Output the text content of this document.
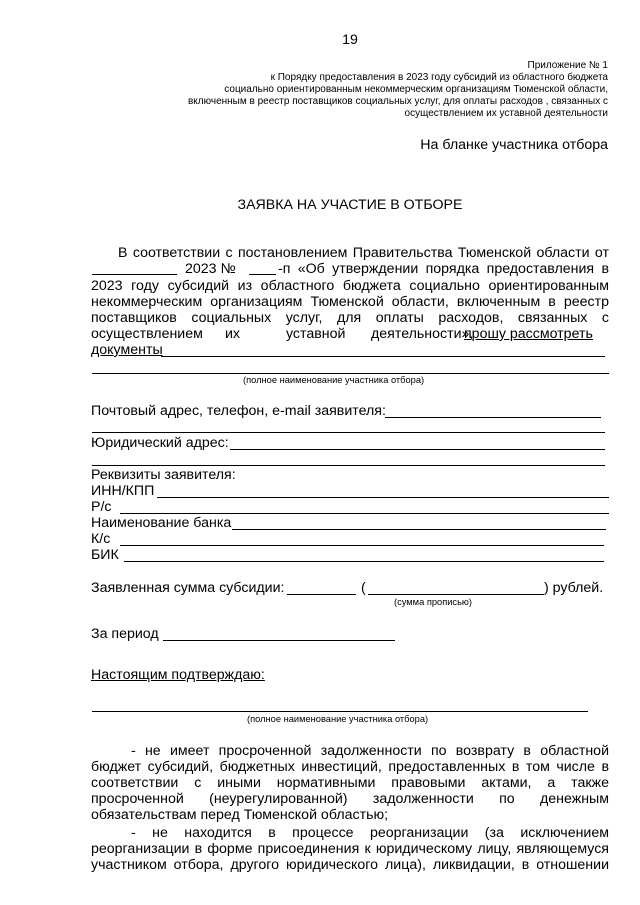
19
Приложение № 1
к Порядку предоставления в 2023 году субсидий из областного бюджета
социально ориентированным некоммерческим организациям Тюменской области,
включенным в реестр поставщиков социальных услуг, для оплаты расходов , связанных с
осуществлением их уставной деятельности
На бланке участника отбора
ЗАЯВКА НА УЧАСТИЕ В ОТБОРЕ
В соответствии с постановлением Правительства Тюменской области от
2023 №	-п «Об утверждении порядка предоставления в
2023 году субсидий из областного бюджета социально ориентированным
некоммерческим организациям Тюменской области, включенным в реестр
поставщиков социальных услуг, для оплаты расходов, связанных с
осуществлением их	уставной деятельности»,
прошу рассмотреть
документы
(полное наименование участника отбора)
Почтовый адрес, телефон, e-mail заявителя:
Юридический адрес:
Реквизиты заявителя:
ИНН/КПП
Р/с
Наименование банка
К/с
БИК
Заявленная сумма субсидии:	(	) рублей.
(сумма прописью)
За период
Настоящим подтверждаю:
(полное наименование участника отбора)
- не имеет просроченной задолженности по возврату в областной
бюджет субсидий, бюджетных инвестиций, предоставленных в том числе в
соответствии с иными нормативными правовыми актами, а также
просроченной (неурегулированной) задолженности по денежным
обязательствам перед Тюменской областью;
- не находится в процессе реорганизации (за исключением
реорганизации в форме присоединения к юридическому лицу, являющемуся
участником отбора, другого юридического лица), ликвидации, в отношении
